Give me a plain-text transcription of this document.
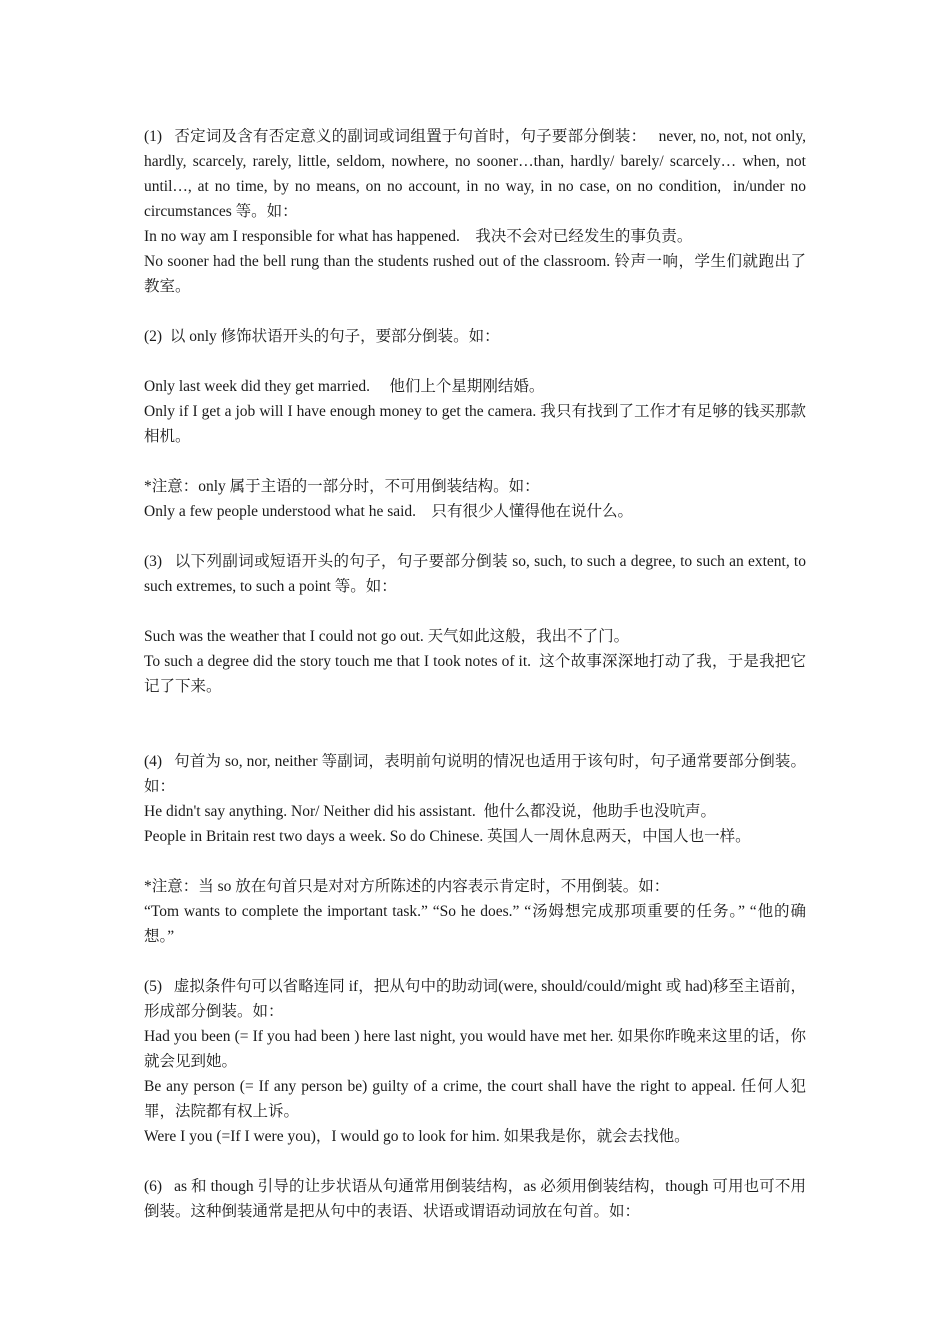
(1)   否定词及含有否定意义的副词或词组置于句首时，句子要部分倒装：   never, no, not, not only, hardly, scarcely, rarely, little, seldom, nowhere, no sooner…than, hardly/ barely/ scarcely… when, not until…, at no time, by no means, on no account, in no way, in no case, on no condition,  in/under no circumstances 等。如：
In no way am I responsible for what has happened.    我决不会对已经发生的事负责。
No sooner had the bell rung than the students rushed out of the classroom. 铃声一响，学生们就跑出了教室。
(2)  以 only 修饰状语开头的句子，要部分倒装。如：
Only last week did they get married.     他们上个星期刚结婚。
Only if I get a job will I have enough money to get the camera. 我只有找到了工作才有足够的钱买那款相机。
*注意：only 属于主语的一部分时，不可用倒装结构。如：
Only a few people understood what he said.    只有很少人懂得他在说什么。
(3)   以下列副词或短语开头的句子，句子要部分倒装 so, such, to such a degree, to such an extent, to such extremes, to such a point 等。如：
Such was the weather that I could not go out. 天气如此这般，我出不了门。
To such a degree did the story touch me that I took notes of it.  这个故事深深地打动了我，于是我把它记了下来。
(4)   句首为 so, nor, neither 等副词，表明前句说明的情况也适用于该句时，句子通常要部分倒装。如：
He didn't say anything. Nor/ Neither did his assistant.  他什么都没说，他助手也没吭声。
People in Britain rest two days a week. So do Chinese. 英国人一周休息两天，中国人也一样。
*注意：当 so 放在句首只是对对方所陈述的内容表示肯定时，不用倒装。如：
“Tom wants to complete the important task.” “So he does.” “汤姆想完成那项重要的任务。” “他的确想。”
(5)   虚拟条件句可以省略连同 if，把从句中的助动词(were, should/could/might 或 had)移至主语前，形成部分倒装。如：
Had you been (= If you had been ) here last night, you would have met her. 如果你昨晚来这里的话，你就会见到她。
Be any person (= If any person be) guilty of a crime, the court shall have the right to appeal. 任何人犯罪，法院都有权上诉。
Were I you (=If I were you)，I would go to look for him. 如果我是你，就会去找他。
(6)   as 和 though 引导的让步状语从句通常用倒装结构，as 必须用倒装结构，though 可用也可不用倒装。这种倒装通常是把从句中的表语、状语或谓语动词放在句首。如：
